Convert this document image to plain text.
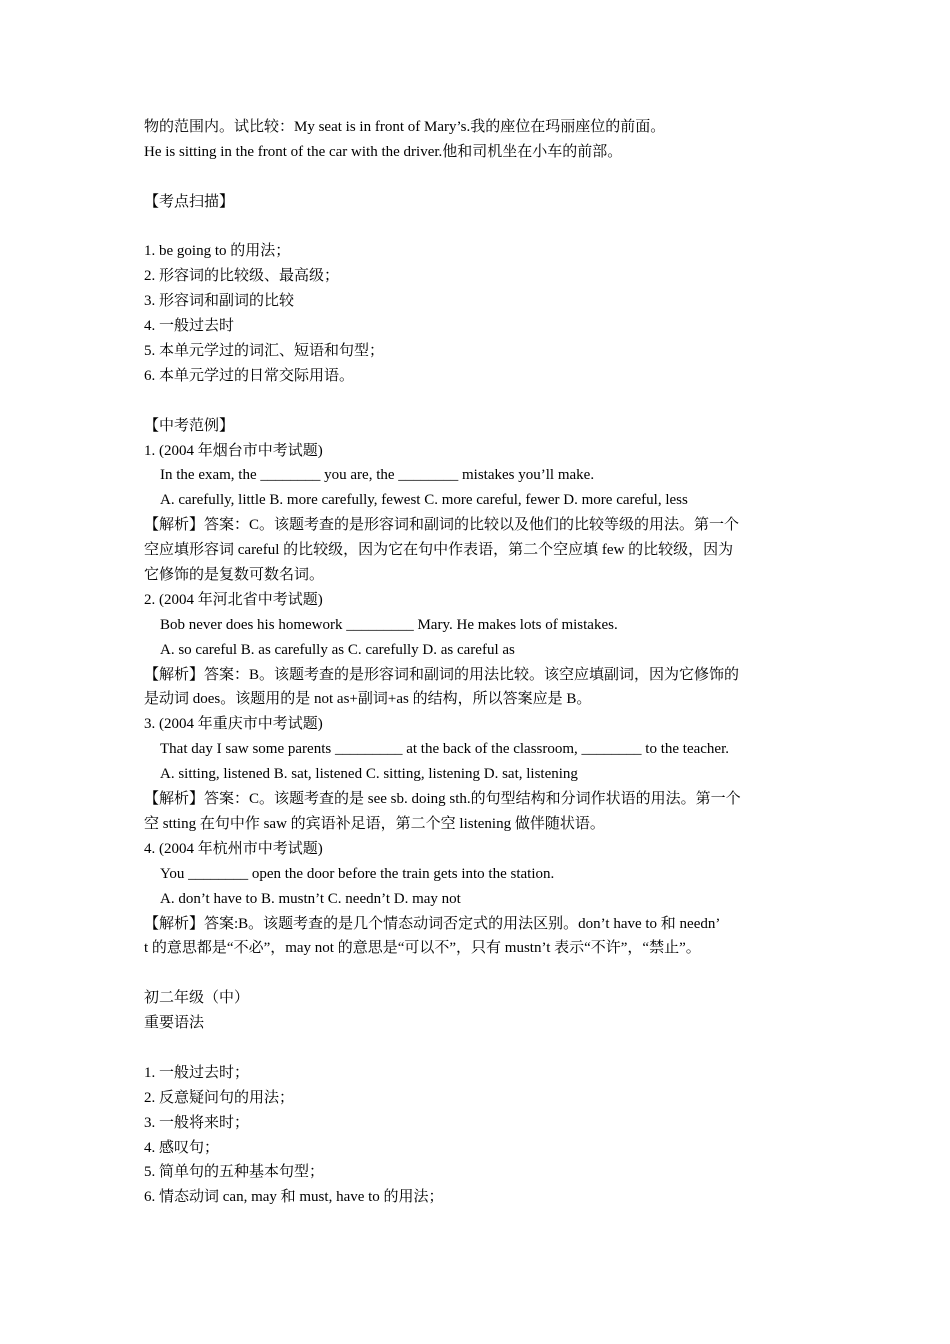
物的范围内。试比较：My seat is in front of Mary’s.我的座位在玛丽座位的前面。
He is sitting in the front of the car with the driver.他和司机坐在小车的前部。
【考点扫描】
1. be going to 的用法；
2. 形容词的比较级、最高级；
3. 形容词和副词的比较
4. 一般过去时
5. 本单元学过的词汇、短语和句型；
6. 本单元学过的日常交际用语。
【中考范例】
1. (2004 年烟台市中考试题)
In the exam, the ________ you are, the ________ mistakes you’ll make.
A. carefully, little B. more carefully, fewest C. more careful, fewer D. more careful, less
【解析】答案：C。该题考查的是形容词和副词的比较以及他们的比较等级的用法。第一个
空应填形容词 careful 的比较级，因为它在句中作表语，第二个空应填 few 的比较级，因为
它修饰的是复数可数名词。
2. (2004 年河北省中考试题)
Bob never does his homework _________ Mary. He makes lots of mistakes.
A. so careful B. as carefully as C. carefully D. as careful as
【解析】答案：B。该题考查的是形容词和副词的用法比较。该空应填副词，因为它修饰的
是动词 does。该题用的是 not as+副词+as 的结构，所以答案应是 B。
3. (2004 年重庆市中考试题)
That day I saw some parents _________ at the back of the classroom, ________ to the teacher.
A. sitting, listened B. sat, listened C. sitting, listening D. sat, listening
【解析】答案：C。该题考查的是 see sb. doing sth.的句型结构和分词作状语的用法。第一个
空 stting 在句中作 saw 的宾语补足语，第二个空 listening 做伴随状语。
4. (2004 年杭州市中考试题)
You ________ open the door before the train gets into the station.
A. don’t have to B. mustn’t C. needn’t D. may not
【解析】答案:B。该题考查的是几个情态动词否定式的用法区别。don’t have to 和 needn’
t 的意思都是“不必”，may not 的意思是“可以不”，只有 mustn’t 表示“不许”，“禁止”。
初二年级（中）
重要语法
1. 一般过去时；
2. 反意疑问句的用法；
3. 一般将来时；
4. 感叹句；
5. 简单句的五种基本句型；
6. 情态动词 can, may 和 must, have to 的用法；
